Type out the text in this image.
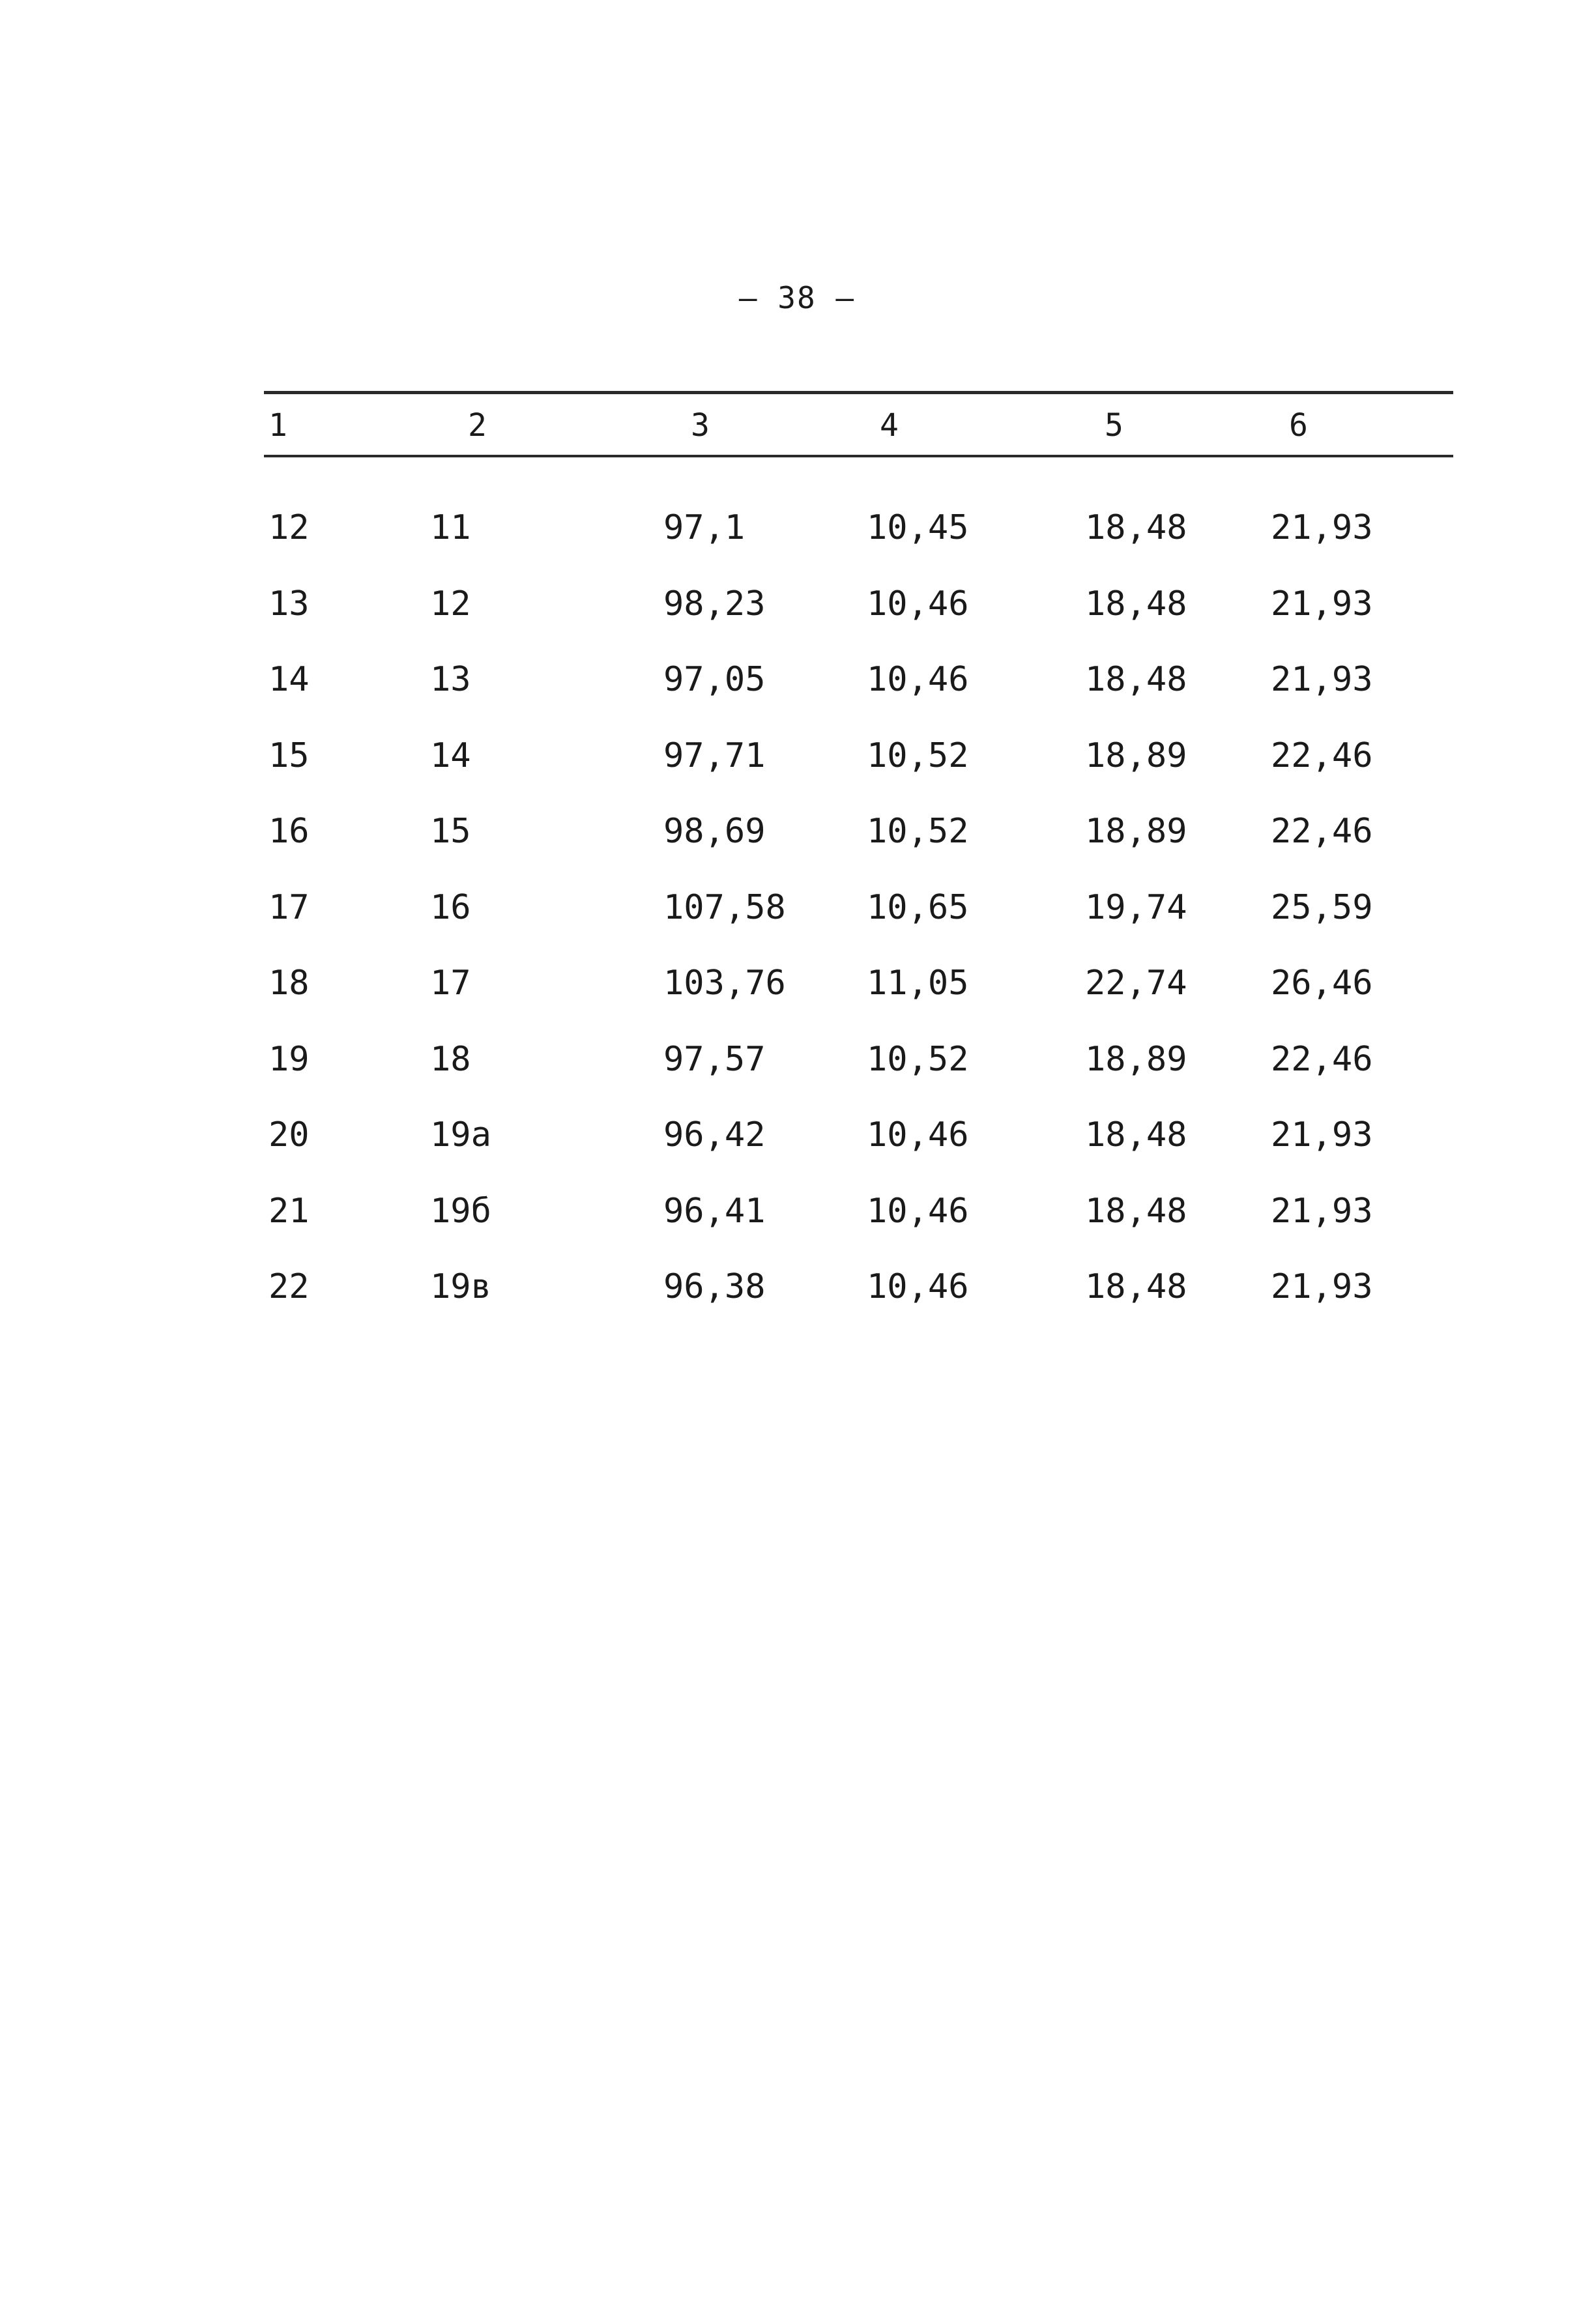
– 38 –
1	2	3	4	5	6
12	11	97,1	10,45	18,48 21,93
13	12	98,23	10,46	18,48 21,93
14	13	97,05	10,46	18,48 21,93
15	14	97,71	10,52	18,89 22,46
16	15	98,69	10,52	18,89 22,46
17	16	107,58 10,65	19,74 25,59
18	17	103,76 11,05	22,74 26,46
19	18	97,57	10,52	18,89 22,46
20	19а	96,42	10,46	18,48 21,93
21	19б	96,41	10,46	18,48 21,93
22	19в	96,38	10,46	18,48 21,93
